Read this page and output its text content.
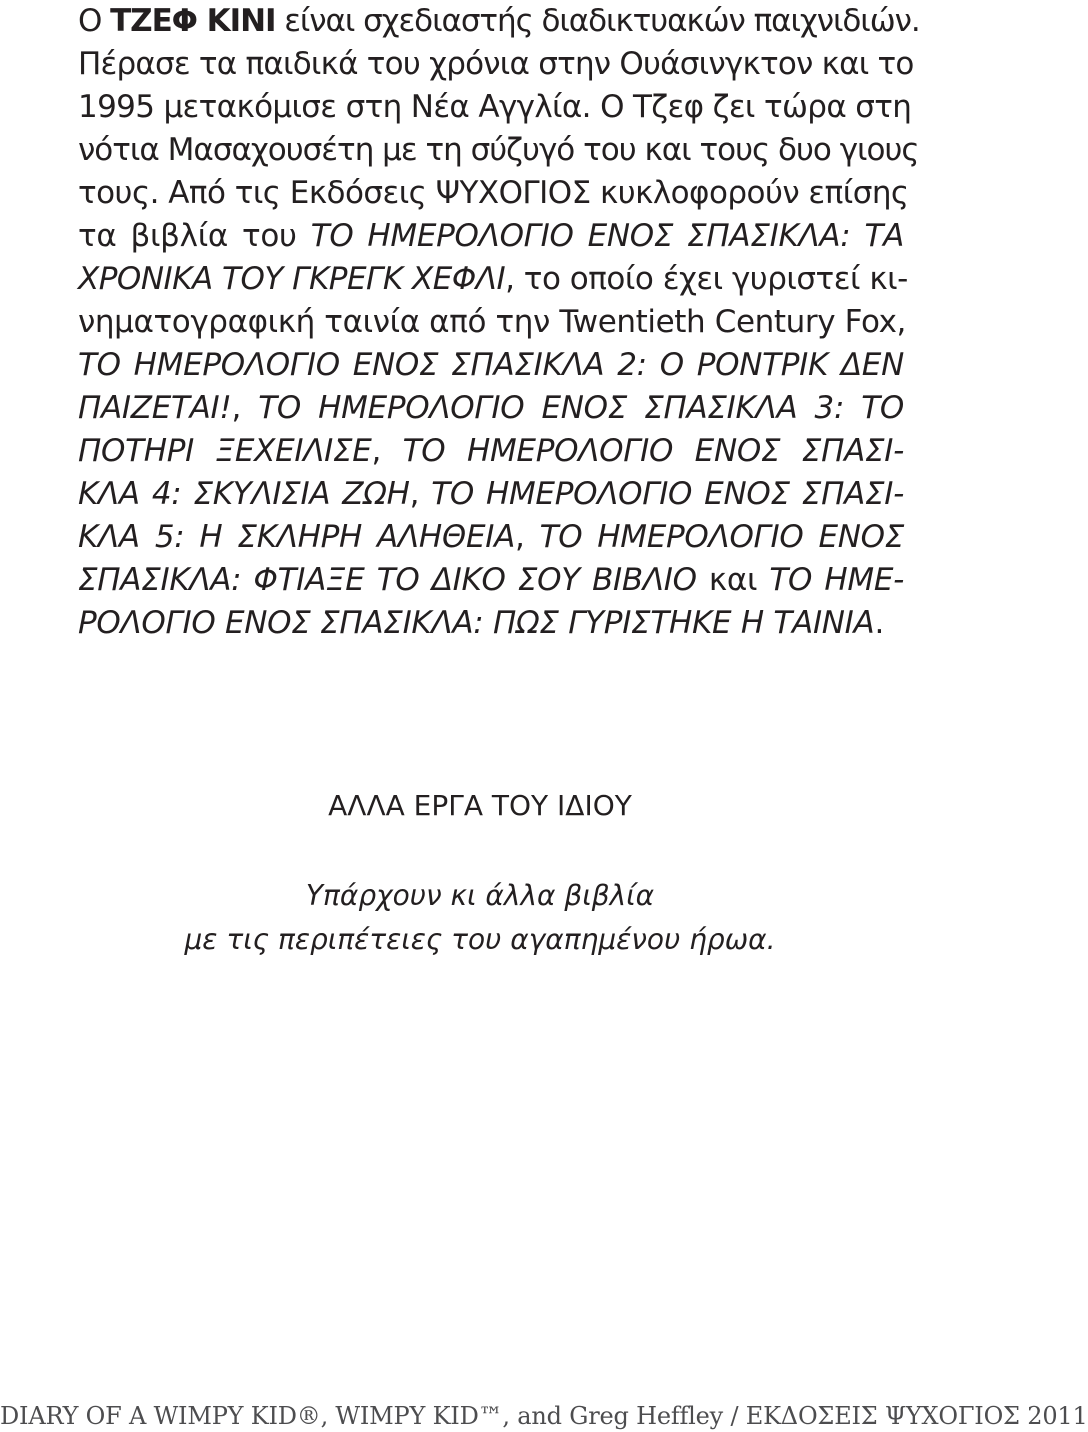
Ο ΤΖΕΦ ΚΙΝΙ είναι σχεδιαστής διαδικτυακών παιχνιδιών.
Πέρασε τα παιδικά του χρόνια στην Ουάσινγκτον και το
1995 μετακόμισε στη Νέα Αγγλία. Ο Τζεφ ζει τώρα στη
νότια Μασαχουσέτη με τη σύζυγό του και τους δυο γιους
τους. Από τις Εκδόσεις ΨΥΧΟΓΙΟΣ κυκλοφορούν επίσης
τα βιβλία του ΤΟ ΗΜΕΡΟΛΟΓΙΟ ΕΝΟΣ ΣΠΑΣΙΚΛΑ: ΤΑ
ΧΡΟΝΙΚΑ ΤΟΥ ΓΚΡΕΓΚ ΧΕΦΛΙ, το οποίο έχει γυριστεί κι-
νηματογραφική ταινία από την Twentieth Century Fox,
ΤΟ ΗΜΕΡΟΛΟΓΙΟ ΕΝΟΣ ΣΠΑΣΙΚΛΑ 2: Ο ΡΟΝΤΡΙΚ ΔΕΝ
ΠΑΙΖΕΤΑΙ!, ΤΟ ΗΜΕΡΟΛΟΓΙΟ ΕΝΟΣ ΣΠΑΣΙΚΛΑ 3: ΤΟ
ΠΟΤΗΡΙ ΞΕΧΕΙΛΙΣΕ, ΤΟ ΗΜΕΡΟΛΟΓΙΟ ΕΝΟΣ ΣΠΑΣΙ-
ΚΛΑ 4: ΣΚΥΛΙΣΙΑ ΖΩΗ, ΤΟ ΗΜΕΡΟΛΟΓΙΟ ΕΝΟΣ ΣΠΑΣΙ-
ΚΛΑ 5: Η ΣΚΛΗΡΗ ΑΛΗΘΕΙΑ, ΤΟ ΗΜΕΡΟΛΟΓΙΟ ΕΝΟΣ
ΣΠΑΣΙΚΛΑ: ΦΤΙΑΞΕ ΤΟ ΔΙΚΟ ΣΟΥ ΒΙΒΛΙΟ και ΤΟ ΗΜΕ-
ΡΟΛΟΓΙΟ ΕΝΟΣ ΣΠΑΣΙΚΛΑ: ΠΩΣ ΓΥΡΙΣΤΗΚΕ Η ΤΑΙΝΙΑ.
ΑΛΛΑ ΕΡΓΑ ΤΟΥ ΙΔΙΟΥ
Υπάρχουν κι άλλα βιβλία
με τις περιπέτειες του αγαπημένου ήρωα.
DIARY OF A WIMPY KID®, WIMPY KID™, and Greg Heffley / ΕΚΔΟΣΕΙΣ ΨΥΧΟΓΙΟΣ 2011
